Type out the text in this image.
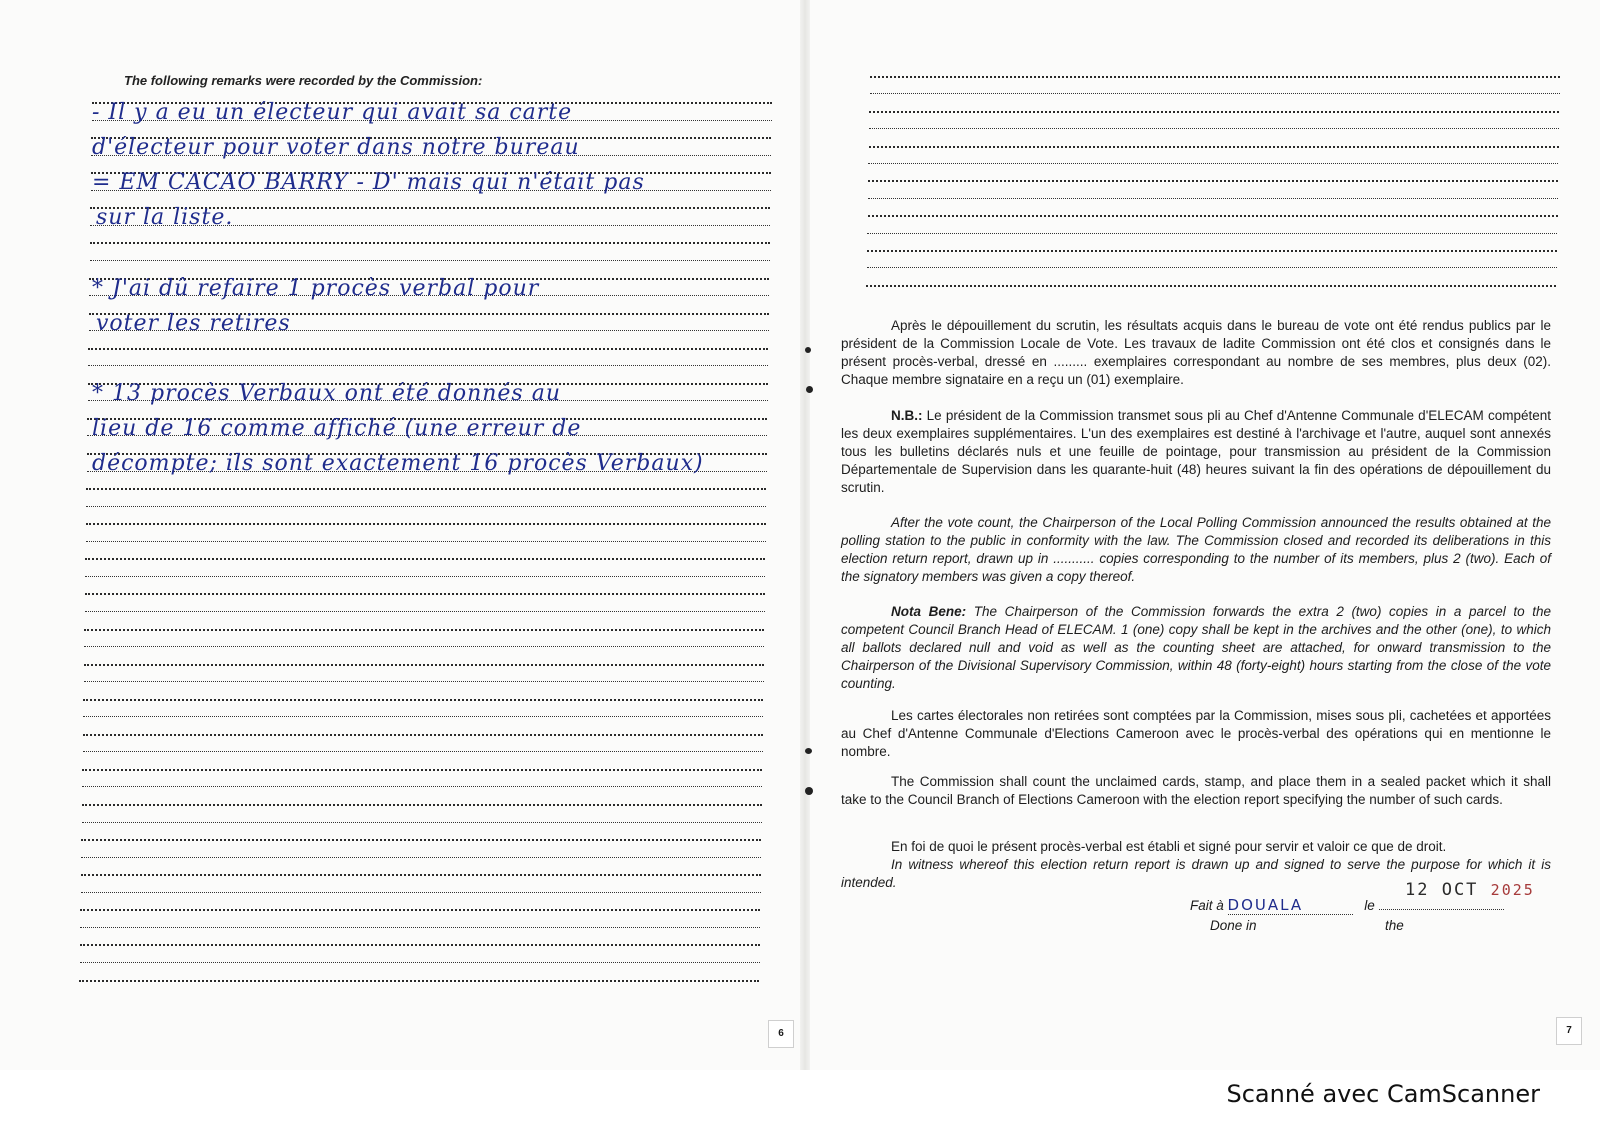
The following remarks were recorded by the Commission:
- Il y a eu un électeur qui avait sa carte
d'électeur pour voter dans notre bureau
= EM CACAO BARRY - D' mais qui n'était pas
sur la liste.
* J'ai dû refaire 1 procès verbal pour
voter les retires
* 13 procès Verbaux ont été donnés au
lieu de 16 comme affiché (une erreur de
décompte; ils sont exactement 16 procès Verbaux)
6

Après le dépouillement du scrutin, les résultats acquis dans le bureau de vote ont été rendus publics par le président de la Commission Locale de Vote. Les travaux de ladite Commission ont été clos et consignés dans le présent procès-verbal, dressé en ......... exemplaires correspondant au nombre de ses membres, plus deux (02). Chaque membre signataire en a reçu un (01) exemplaire.

N.B.: Le président de la Commission transmet sous pli au Chef d'Antenne Communale d'ELECAM compétent les deux exemplaires supplémentaires. L'un des exemplaires est destiné à l'archivage et l'autre, auquel sont annexés tous les bulletins déclarés nuls et une feuille de pointage, pour transmission au président de la Commission Départementale de Supervision dans les quarante-huit (48) heures suivant la fin des opérations de dépouillement du scrutin.

After the vote count, the Chairperson of the Local Polling Commission announced the results obtained at the polling station to the public in conformity with the law. The Commission closed and recorded its deliberations in this election return report, drawn up in ........... copies corresponding to the number of its members, plus 2 (two). Each of the signatory members was given a copy thereof.

Nota Bene: The Chairperson of the Commission forwards the extra 2 (two) copies in a parcel to the competent Council Branch Head of ELECAM. 1 (one) copy shall be kept in the archives and the other (one), to which all ballots declared null and void as well as the counting sheet are attached, for onward transmission to the Chairperson of the Divisional Supervisory Commission, within 48 (forty-eight) hours starting from the close of the vote counting.

Les cartes électorales non retirées sont comptées par la Commission, mises sous pli, cachetées et apportées au Chef d'Antenne Communale d'Elections Cameroon avec le procès-verbal des opérations qui en mentionne le nombre.

The Commission shall count the unclaimed cards, stamp, and place them in a sealed packet which it shall take to the Council Branch of Elections Cameroon with the election report specifying the number of such cards.

En foi de quoi le présent procès-verbal est établi et signé pour servir et valoir ce que de droit.

In witness whereof this election return report is drawn up and signed to serve the purpose for which it is intended.

Fait à DOUALA	le
Done in	the
12 OCT 2025
7
Scanné avec CamScanner
